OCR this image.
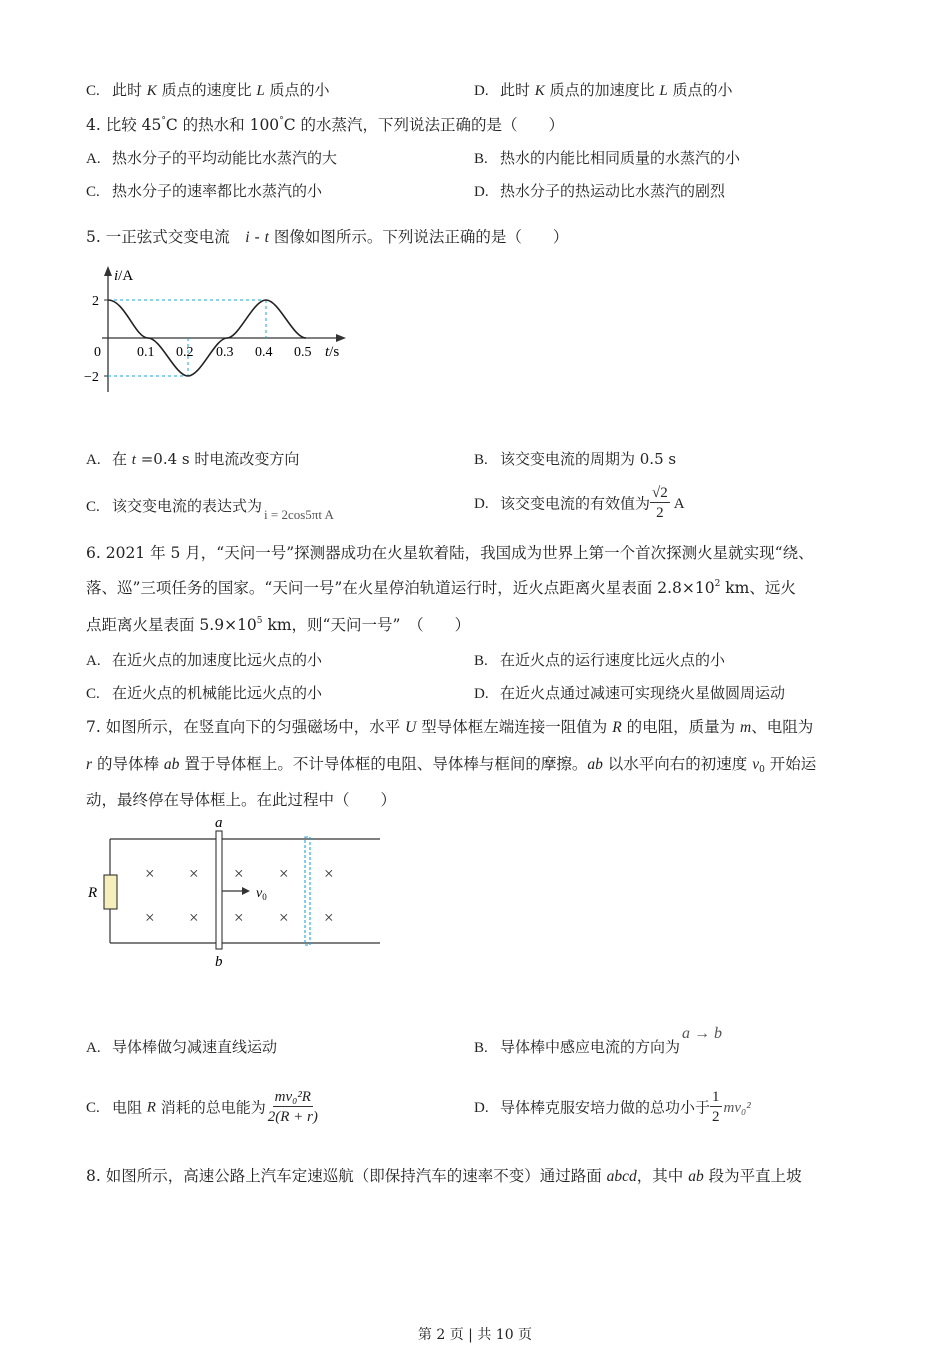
C. 此时 K 质点的速度比 L 质点的小	D. 此时 K 质点的加速度比 L 质点的小
4. 比较 45°C 的热水和 100°C 的水蒸汽，下列说法正确的是（　　）
A. 热水分子的平均动能比水蒸汽的大	B. 热水的内能比相同质量的水蒸汽的小
C. 热水分子的速率都比水蒸汽的小	D. 热水分子的热运动比水蒸汽的剧烈
5. 一正弦式交变电流　i - t 图像如图所示。下列说法正确的是（　　）
i/A
2
−2
0	0.1 0.2 0.3 0.4 0.5 t/s
A. 在 t =0.4 s 时电流改变方向	B. 该交变电流的周期为 0.5 s
C. 该交变电流的表达式为 i = 2cos5πt A
D. 该交变电流的有效值为 $\frac{√2}{2}$ A
6. 2021 年 5 月，“天问一号”探测器成功在火星软着陆，我国成为世界上第一个首次探测火星就实现“绕、
落、巡”三项任务的国家。“天问一号”在火星停泊轨道运行时，近火点距离火星表面 $2.8\times 10^2$ km、远火
点距离火星表面 $5.9\times 10^5$ km，则“天问一号”　（　　）
A. 在近火点的加速度比远火点的小	B. 在近火点的运行速度比远火点的小
C. 在近火点的机械能比远火点的小	D. 在近火点通过减速可实现绕火星做圆周运动
7. 如图所示，在竖直向下的匀强磁场中，水平 U 型导体框左端连接一阻值为 R 的电阻，质量为 m、电阻为
r 的导体棒 ab 置于导体框上。不计导体框的电阻、导体棒与框间的摩擦。ab 以水平向右的初速度 $v_0$ 开始运
动，最终停在导体框上。在此过程中（　　）
R
a
b
$v_0$
× × × × ×
× × × × ×
A. 导体棒做匀减速直线运动	B. 导体棒中感应电流的方向为a → b
C. 电阻 R 消耗的总电能为 $\frac{\text{mv₀²R}}{2(R + r)}$	D. 导体棒克服安培力做的总功小于 $\frac{1}{2} mv_0^2$
8. 如图所示，高速公路上汽车定速巡航（即保持汽车的速率不变）通过路面 abcd，其中 ab 段为平直上坡
第 2 页 | 共 10 页
